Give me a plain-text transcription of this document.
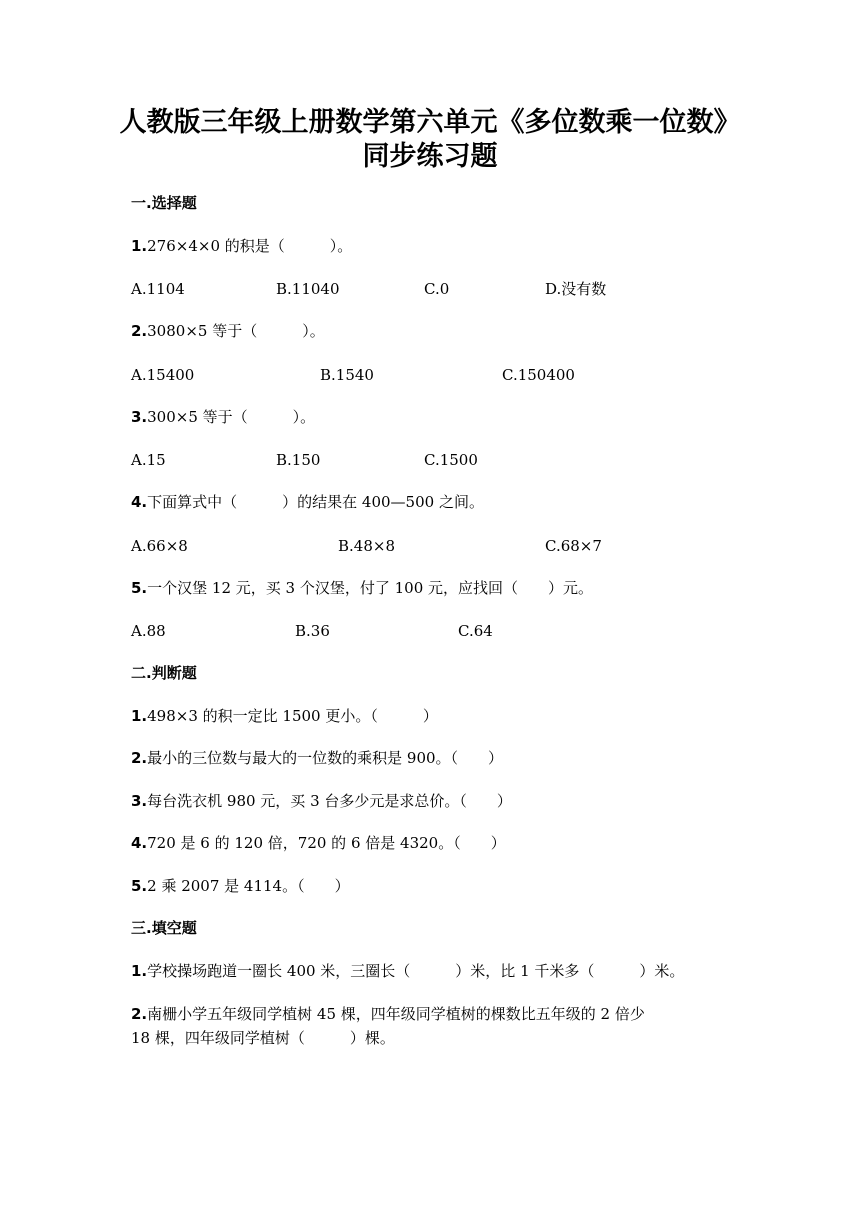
人教版三年级上册数学第六单元《多位数乘一位数》
同步练习题
一.选择题
1.276×4×0 的积是（　　　）。
A.1104	B.11040	C.0	D.没有数
2.3080×5 等于（　　　）。
A.15400	B.1540	C.150400
3.300×5 等于（　　　）。
A.15	B.150	C.1500
4.下面算式中（　　　）的结果在 400—500 之间。
A.66×8	B.48×8	C.68×7
5.一个汉堡 12 元，买 3 个汉堡，付了 100 元，应找回（　　）元。
A.88	B.36	C.64
二.判断题
1.498×3 的积一定比 1500 更小。（　　　）
2.最小的三位数与最大的一位数的乘积是 900。（　　）
3.每台洗衣机 980 元，买 3 台多少元是求总价。（　　）
4.720 是 6 的 120 倍，720 的 6 倍是 4320。（　　）
5.2 乘 2007 是 4114。（　　）
三.填空题
1.学校操场跑道一圈长 400 米，三圈长（　　　）米，比 1 千米多（　　　）米。
2.南栅小学五年级同学植树 45 棵，四年级同学植树的棵数比五年级的 2 倍少
18 棵，四年级同学植树（　　　）棵。
